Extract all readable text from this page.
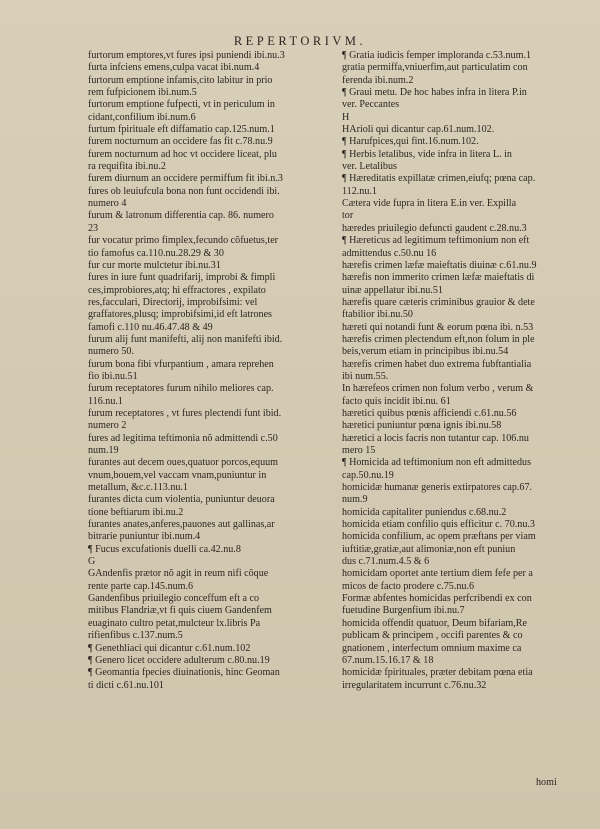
REPERTORIVM.
furtorum emptores,vt fures ipsi puniendi ibi.nu.3
furta infciens emens,culpa vacat ibi.num.4
furtorum emptione infamis,cito labitur in prio
rem fufpicionem ibi.num.5
furtorum emptione fufpecti, vt in periculum in
cidant,confilium ibi.num.6
furtum fpirituale eft diffamatio cap.125.num.1
furem nocturnum an occidere fas fit c.78.nu.9
furem nocturnum ad hoc vt occidere liceat, plu
ra requifita ibi.nu.2
furem diurnum an occidere permiffum fit ibi.n.3
fures ob leuiufcula bona non funt occidendi ibi.
numero 4
furum & latronum differentia cap. 86. numero
23
fur vocatur primo fimplex,fecundo cõfuetus,ter
tio famofus ca.110.nu.28.29 & 30
fur cur morte mulctetur ibi.nu.31
fures in iure funt quadrifarij, improbi & fimpli
ces,improbiores,atq; hi effractores , expilato
res,facculari, Directorij, improbifsimi: vel
graffatores,plusq; improbifsimi,id eft latrones
famofi c.110 nu.46.47.48 & 49
furum alij funt manifefti, alij non manifefti ibid.
numero 50.
furum bona fibi vfurpantium , amara reprehen
fio ibi.nu.51
furum receptatores furum nihilo meliores cap.
116.nu.1
furum receptatores , vt fures plectendi funt ibid.
numero 2
fures ad legitima teftimonia nõ admittendi c.50
num.19
furantes aut decem oues,quatuor porcos,equum
vnum,bouem,vel vaccam vnam,puniuntur in
metallum, &c.c.113.nu.1
furantes dicta cum violentia, puniuntur deuora
tione beftiarum ibi.nu.2
furantes anates,anferes,pauones aut gallinas,ar
bitrarie puniuntur ibi.num.4
¶ Fucus excufationis duelli ca.42.nu.8
G
GAndenfis prætor nõ agit in reum nifi cõque
rente parte cap.145.num.6
Gandenfibus priuilegio conceffum eft a co
mitibus Flandriæ,vt fi quis ciuem Gandenfem
euaginato cultro petat,mulcteur lx.libris Pa
rifienfibus c.137.num.5
¶ Genethliaci qui dicantur c.61.num.102
¶ Genero licet occidere adulterum c.80.nu.19
¶ Geomantia fpecies diuinationis, hinc Geoman
ti dicti c.61.nu.101
¶ Gratia iudicis femper imploranda c.53.num.1
gratia permiffa,vniuerfim,aut particulatim con
ferenda ibi.num.2
¶ Graui metu. De hoc habes infra in litera P.in
ver. Peccantes
H
HArioli qui dicantur cap.61.num.102.
¶ Harufpices,qui fint.16.num.102.
¶ Herbis letalibus, vide infra in litera L. in
ver. Letalibus
¶ Hæreditatis expillatæ crimen,eiufq; pœna cap.
112.nu.1
Cætera vide fupra in litera E.in ver. Expilla
tor
hæredes priuilegio defuncti gaudent c.28.nu.3
¶ Hæreticus ad legitimum teftimonium non eft
admittendus c.50.nu 16
hærefis crimen læfæ maieftatis diuinæ c.61.nu.9
hærefis non immerito crimen læfæ maieftatis di
uinæ appellatur ibi.nu.51
hærefis quare cæteris criminibus grauior & dete
ftabilior ibi.nu.50
hæreti qui notandi funt & eorum pœna ibi. n.53
hærefis crimen plectendum eft,non folum in ple
beis,verum etiam in principibus ibi.nu.54
hærefis crimen habet duo extrema fubftantialia
ibi num.55.
In hærefeos crimen non folum verbo , verum &
facto quis incidit ibi.nu. 61
hæretici quibus pœnis afficiendi c.61.nu.56
hæretici puniuntur pœna ignis ibi.nu.58
hæretici a locis facris non tutantur cap. 106.nu
mero 15
¶ Homicida ad teftimonium non eft admittedus
cap.50.nu.19
homicidæ humanæ generis extirpatores cap.67.
num.9
homicida capitaliter puniendus c.68.nu.2
homicida etiam confilio quis efficitur c. 70.nu.3
homicida confilium, ac opem præftans per viam
iuftitiæ,gratiæ,aut alimoniæ,non eft puniun
dus c.71.num.4.5 & 6
homicidam oportet ante tertium diem fefe per a
micos de facto prodere c.75.nu.6
Formæ abfentes homicidas perfcribendi ex con
fuetudine Burgenfium ibi.nu.7
homicida offendit quatuor, Deum bifariam,Re
publicam & principem , occifi parentes & co
gnationem , interfectum omnium maxime ca
67.num.15.16.17 & 18
homicidæ fpirituales, præter debitam pœna etia
irregularitatem incurrunt c.76.nu.32
homi
